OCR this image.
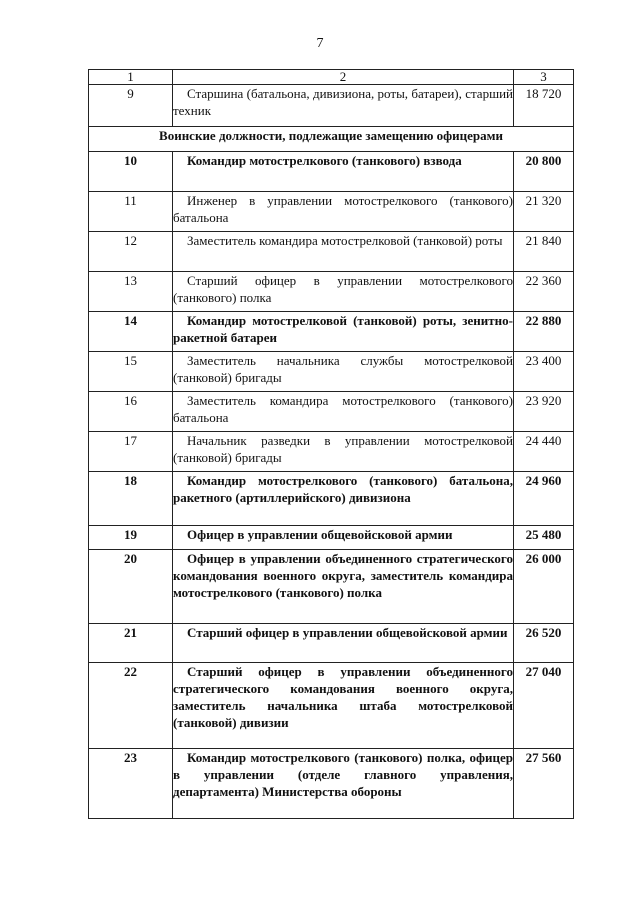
7
1	2	3
9	Старшина (батальона, дивизиона, роты, батареи), старший техник	18 720
Воинские должности, подлежащие замещению офицерами		
10	Командир мотострелкового (танкового) взвода	20 800
11	Инженер в управлении мотострелкового (танкового) батальона	21 320
12	Заместитель командира мотострелковой (танковой) роты	21 840
13	Старший офицер в управлении мотострелкового (танкового) полка	22 360
14	Командир мотострелковой (танковой) роты, зенитно-ракетной батареи	22 880
15	Заместитель начальника службы мотострелковой (танковой) бригады	23 400
16	Заместитель командира мотострелкового (танкового) батальона	23 920
17	Начальник разведки в управлении мотострелковой (танковой) бригады	24 440
18	Командир мотострелкового (танкового) батальона, ракетного (артиллерийского) дивизиона	24 960
19	Офицер в управлении общевойсковой армии	25 480
20	Офицер в управлении объединенного стратегического командования военного округа, заместитель командира мотострелкового (танкового) полка	26 000
21	Старший офицер в управлении общевойсковой армии	26 520
22	Старший офицер в управлении объединенного стратегического командования военного округа, заместитель начальника штаба мотострелковой (танковой) дивизии	27 040
23	Командир мотострелкового (танкового) полка, офицер в управлении (отделе главного управления, департамента) Министерства обороны	27 560
